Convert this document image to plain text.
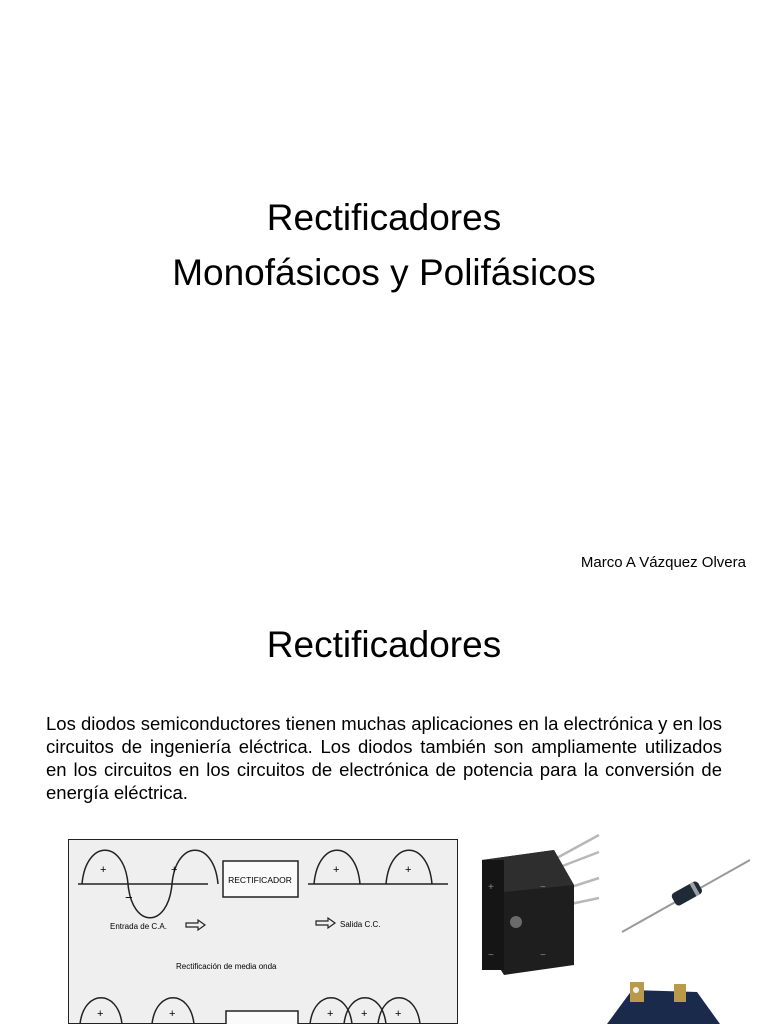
Rectificadores
Monofásicos y Polifásicos
Marco A Vázquez Olvera
Rectificadores

Los diodos semiconductores tienen muchas aplicaciones en la electrónica y en los circuitos de ingeniería eléctrica. Los diodos también son ampliamente utilizados en los circuitos en los circuitos de electrónica de potencia para la conversión de energía eléctrica.

+
−
+
RECTIFICADOR
+	+
Entrada de C.A.	Salida C.C.
Rectificación de media onda
+	+	+	+	+
+	~
~	−
